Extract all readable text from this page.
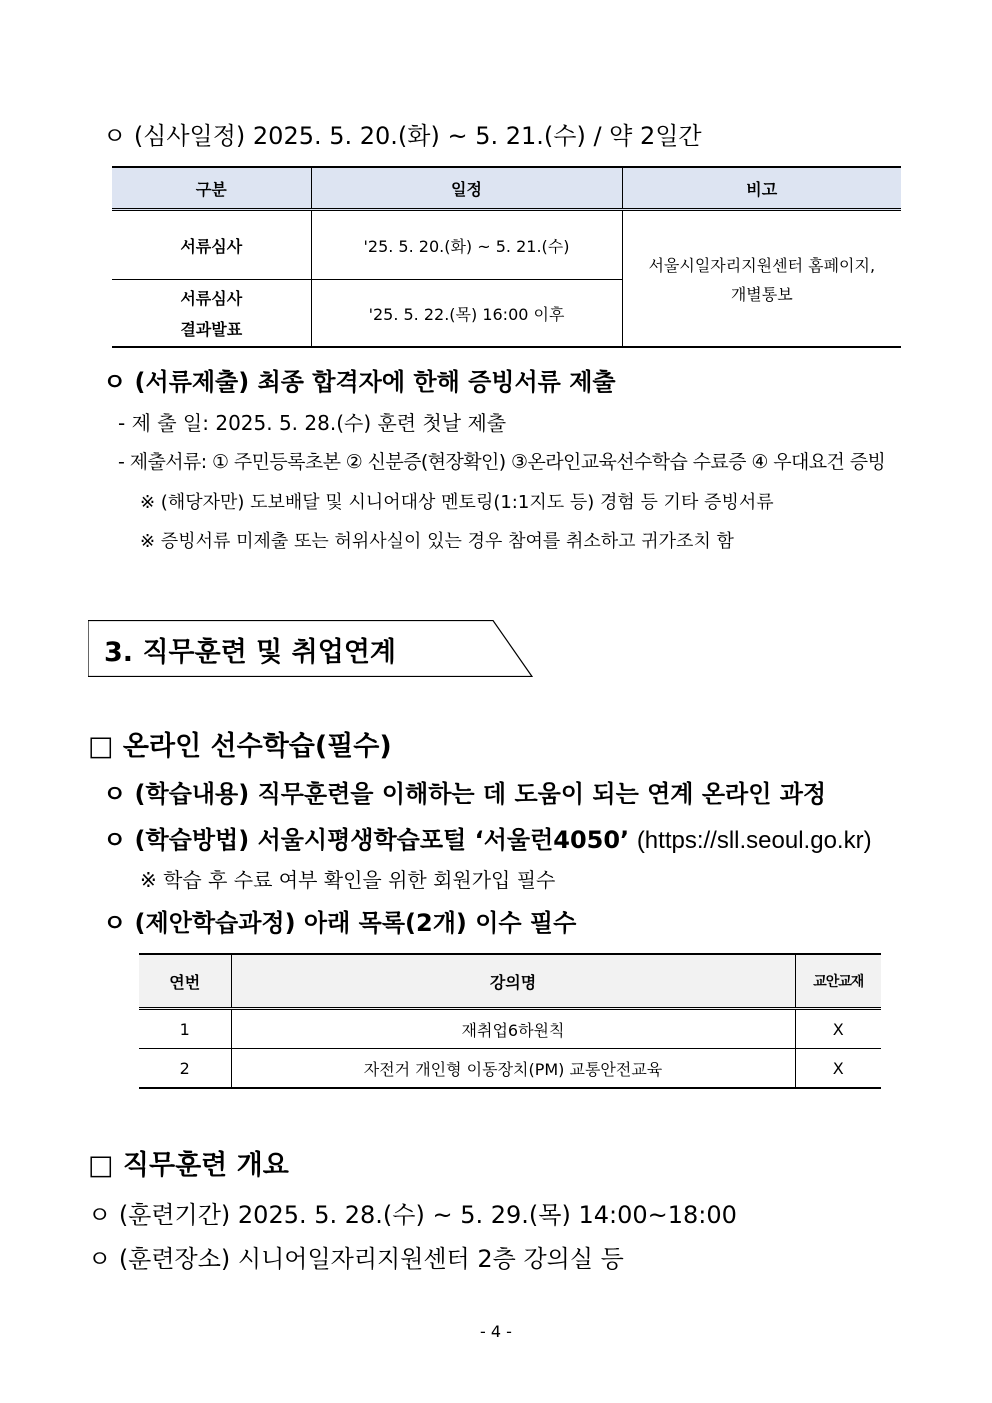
ㅇ (심사일정) 2025. 5. 20.(화) ~ 5. 21.(수) / 약 2일간
구분	일정	비고
서류심사	'25. 5. 20.(화) ~ 5. 21.(수)	서울시일자리지원센터 홈페이지,
개별통보

서류심사
결과발표	'25. 5. 22.(목) 16:00 이후	
ㅇ (서류제출) 최종 합격자에 한해 증빙서류 제출
- 제 출 일: 2025. 5. 28.(수) 훈련 첫날 제출
- 제출서류: ① 주민등록초본 ② 신분증(현장확인) ③온라인교육선수학습 수료증 ④ 우대요건 증빙
※ (해당자만) 도보배달 및 시니어대상 멘토링(1:1지도 등) 경험 등 기타 증빙서류
※ 증빙서류 미제출 또는 허위사실이 있는 경우 참여를 취소하고 귀가조치 함
3. 직무훈련 및 취업연계
□ 온라인 선수학습(필수)
ㅇ (학습내용) 직무훈련을 이해하는 데 도움이 되는 연계 온라인 과정
ㅇ (학습방법) 서울시평생학습포털 ‘서울런4050’ (https://sll.seoul.go.kr)
※ 학습 후 수료 여부 확인을 위한 회원가입 필수
ㅇ (제안학습과정) 아래 목록(2개) 이수 필수
연번	강의명	교안교재
1	재취업6하원칙	X
2	자전거 개인형 이동장치(PM) 교통안전교육	X
□ 직무훈련 개요
ㅇ (훈련기간) 2025. 5. 28.(수) ~ 5. 29.(목) 14:00~18:00
ㅇ (훈련장소) 시니어일자리지원센터 2층 강의실 등
- 4 -
